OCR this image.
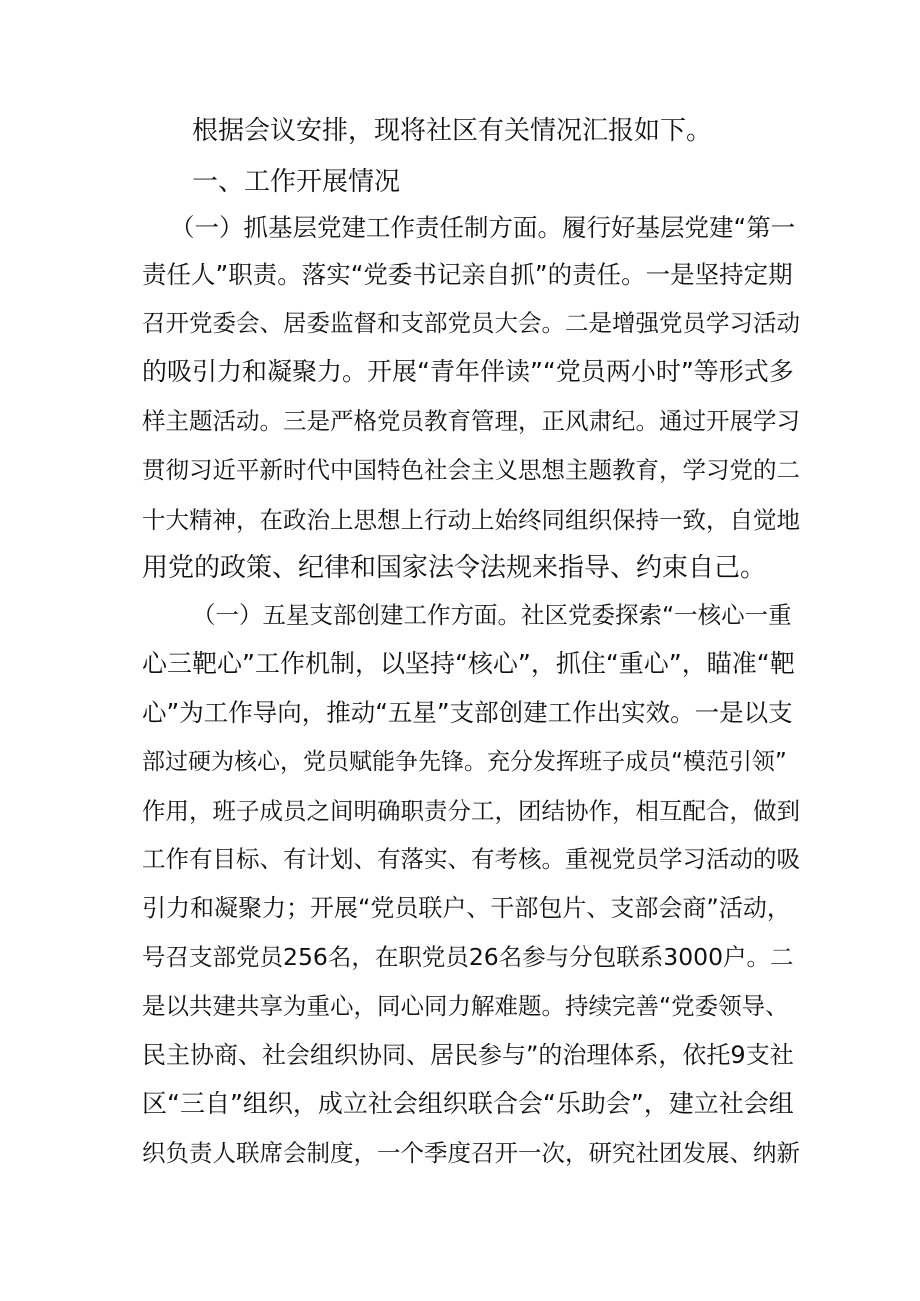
根据会议安排，现将社区有关情况汇报如下。
一、工作开展情况
（一）抓基层党建工作责任制方面。履行好基层党建“第一
责任人”职责。落实“党委书记亲自抓”的责任。一是坚持定期
召开党委会、居委监督和支部党员大会。二是增强党员学习活动
的吸引力和凝聚力。开展“青年伴读”“党员两小时”等形式多
样主题活动。三是严格党员教育管理，正风肃纪。通过开展学习
贯彻习近平新时代中国特色社会主义思想主题教育，学习党的二
十大精神，在政治上思想上行动上始终同组织保持一致，自觉地
用党的政策、纪律和国家法令法规来指导、约束自己。
（一）五星支部创建工作方面。社区党委探索“一核心一重
心三靶心”工作机制，以坚持“核心”，抓住“重心”，瞄准“靶
心”为工作导向，推动“五星”支部创建工作出实效。一是以支
部过硬为核心，党员赋能争先锋。充分发挥班子成员“模范引领”
作用，班子成员之间明确职责分工，团结协作，相互配合，做到
工作有目标、有计划、有落实、有考核。重视党员学习活动的吸
引力和凝聚力；开展“党员联户、干部包片、支部会商”活动，
号召支部党员256名，在职党员26名参与分包联系3000户。二
是以共建共享为重心，同心同力解难题。持续完善“党委领导、
民主协商、社会组织协同、居民参与”的治理体系，依托9支社
区“三自”组织，成立社会组织联合会“乐助会”，建立社会组
织负责人联席会制度，一个季度召开一次，研究社团发展、纳新
